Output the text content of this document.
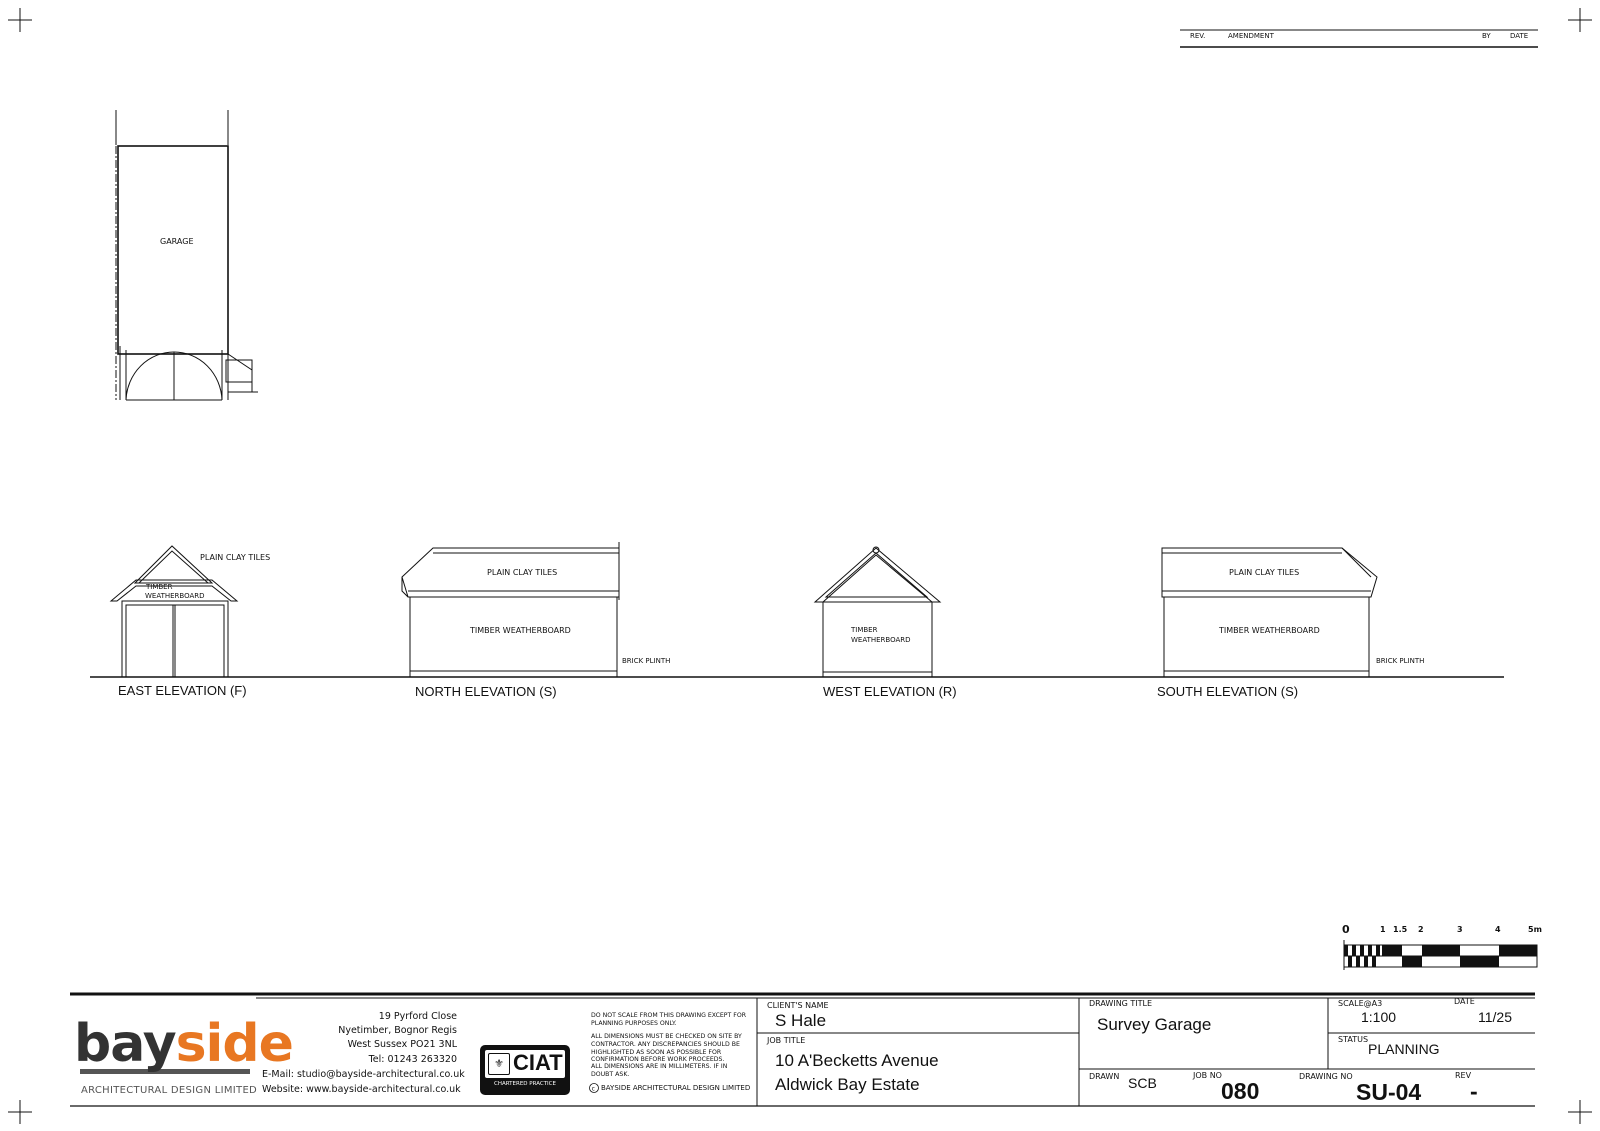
c
REV.	AMENDMENT	BY	DATE
GARAGE
PLAIN CLAY TILES
TIMBER
WEATHERBOARD
EAST ELEVATION (F)
PLAIN CLAY TILES
TIMBER WEATHERBOARD
BRICK PLINTH
NORTH ELEVATION (S)
TIMBER
WEATHERBOARD
WEST ELEVATION (R)
PLAIN CLAY TILES
TIMBER WEATHERBOARD
BRICK PLINTH
SOUTH ELEVATION (S)
0	1 1.5 2	3	4	5m
bayside
ARCHITECTURAL DESIGN LIMITED
19 Pyrford Close
Nyetimber, Bognor Regis
West Sussex PO21 3NL
Tel: 01243 263320
E-Mail: studio@bayside-architectural.co.uk
Website: www.bayside-architectural.co.uk
⚜ CIAT
CHARTERED PRACTICE
DO NOT SCALE FROM THIS DRAWING EXCEPT FOR PLANNING PURPOSES ONLY.
ALL DIMENSIONS MUST BE CHECKED ON SITE BY CONTRACTOR. ANY DISCREPANCIES SHOULD BE HIGHLIGHTED AS SOON AS POSSIBLE FOR CONFIRMATION BEFORE WORK PROCEEDS.
ALL DIMENSIONS ARE IN MILLIMETERS. IF IN DOUBT ASK.
BAYSIDE ARCHITECTURAL DESIGN LIMITED
CLIENT'S NAME
S Hale
JOB TITLE
10 A'Becketts Avenue
Aldwick Bay Estate
DRAWING TITLE
Survey Garage
DRAWN SCB	JOB NO
080
DRAWING NO
SU-04
REV
-
SCALE@A3
1:100
DATE
11/25
STATUS
PLANNING
